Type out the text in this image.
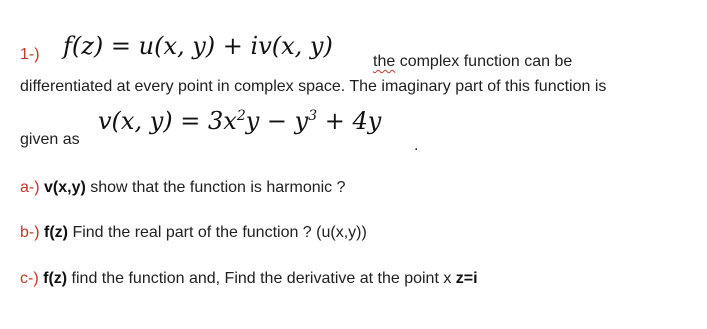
1-) f(z) = u(x, y) + iv(x, y)
the complex function can be
differentiated at every point in complex space. The imaginary part of this function is
given as
v(x, $y) = 3x^2y - y^3 + 4y$
.
a-) v(x,y) show that the function is harmonic ?
b-) f(z) Find the real part of the function ? (u(x,y))
c-) f(z) find the function and, Find the derivative at the point x z=i
